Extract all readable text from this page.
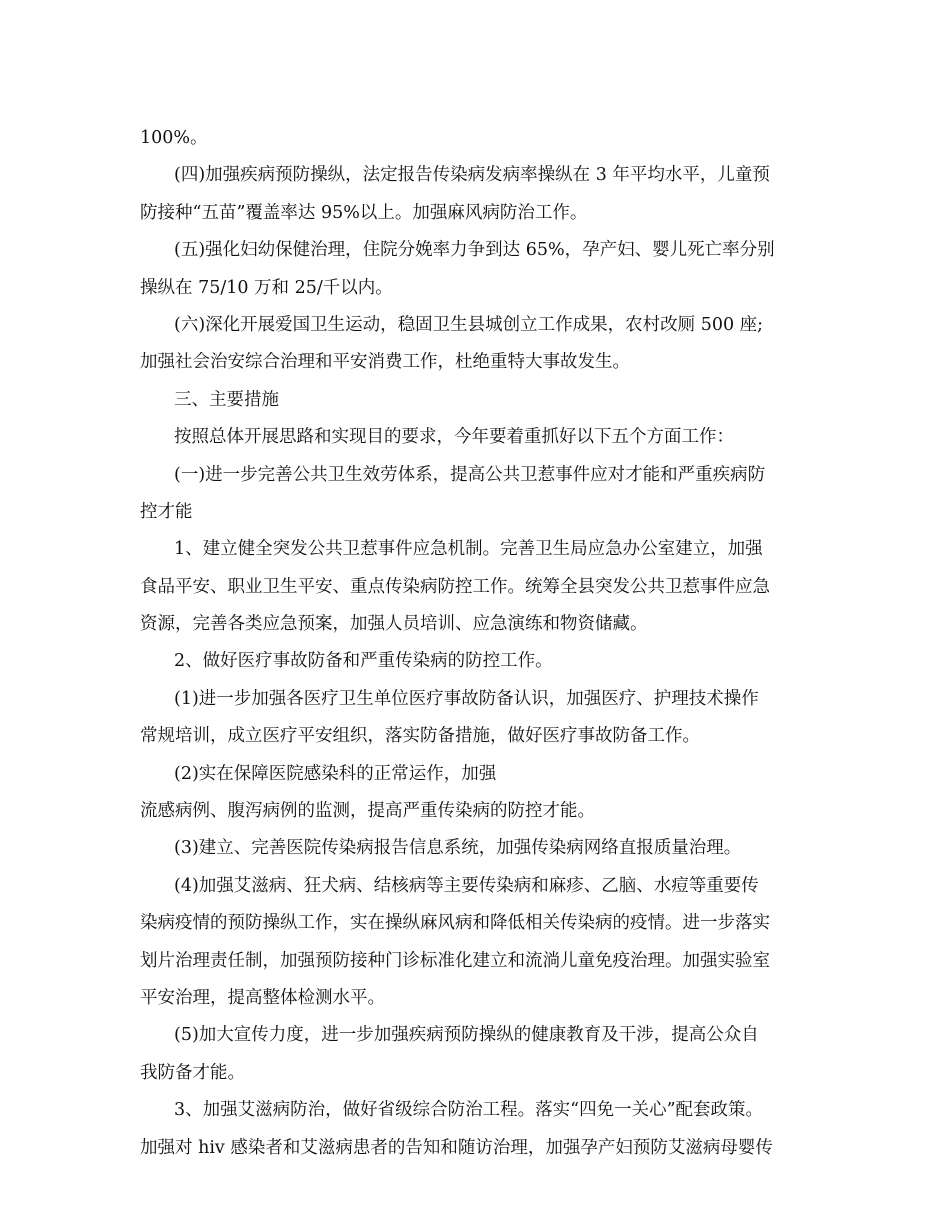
100%。
(四)加强疾病预防操纵，法定报告传染病发病率操纵在 3 年平均水平，儿童预
防接种“五苗”覆盖率达 95%以上。加强麻风病防治工作。
(五)强化妇幼保健治理，住院分娩率力争到达 65%，孕产妇、婴儿死亡率分别
操纵在 75/10 万和 25/千以内。
(六)深化开展爱国卫生运动，稳固卫生县城创立工作成果，农村改厕 500 座;
加强社会治安综合治理和平安消费工作，杜绝重特大事故发生。
三、主要措施
按照总体开展思路和实现目的要求，今年要着重抓好以下五个方面工作：
(一)进一步完善公共卫生效劳体系，提高公共卫惹事件应对才能和严重疾病防
控才能
1、建立健全突发公共卫惹事件应急机制。完善卫生局应急办公室建立，加强
食品平安、职业卫生平安、重点传染病防控工作。统筹全县突发公共卫惹事件应急
资源，完善各类应急预案，加强人员培训、应急演练和物资储藏。
2、做好医疗事故防备和严重传染病的防控工作。
(1)进一步加强各医疗卫生单位医疗事故防备认识，加强医疗、护理技术操作
常规培训，成立医疗平安组织，落实防备措施，做好医疗事故防备工作。
(2)实在保障医院感染科的正常运作，加强
流感病例、腹泻病例的监测，提高严重传染病的防控才能。
(3)建立、完善医院传染病报告信息系统，加强传染病网络直报质量治理。
(4)加强艾滋病、狂犬病、结核病等主要传染病和麻疹、乙脑、水痘等重要传
染病疫情的预防操纵工作，实在操纵麻风病和降低相关传染病的疫情。进一步落实
划片治理责任制，加强预防接种门诊标准化建立和流淌儿童免疫治理。加强实验室
平安治理，提高整体检测水平。
(5)加大宣传力度，进一步加强疾病预防操纵的健康教育及干涉，提高公众自
我防备才能。
3、加强艾滋病防治，做好省级综合防治工程。落实“四免一关心”配套政策。
加强对 hiv 感染者和艾滋病患者的告知和随访治理，加强孕产妇预防艾滋病母婴传
